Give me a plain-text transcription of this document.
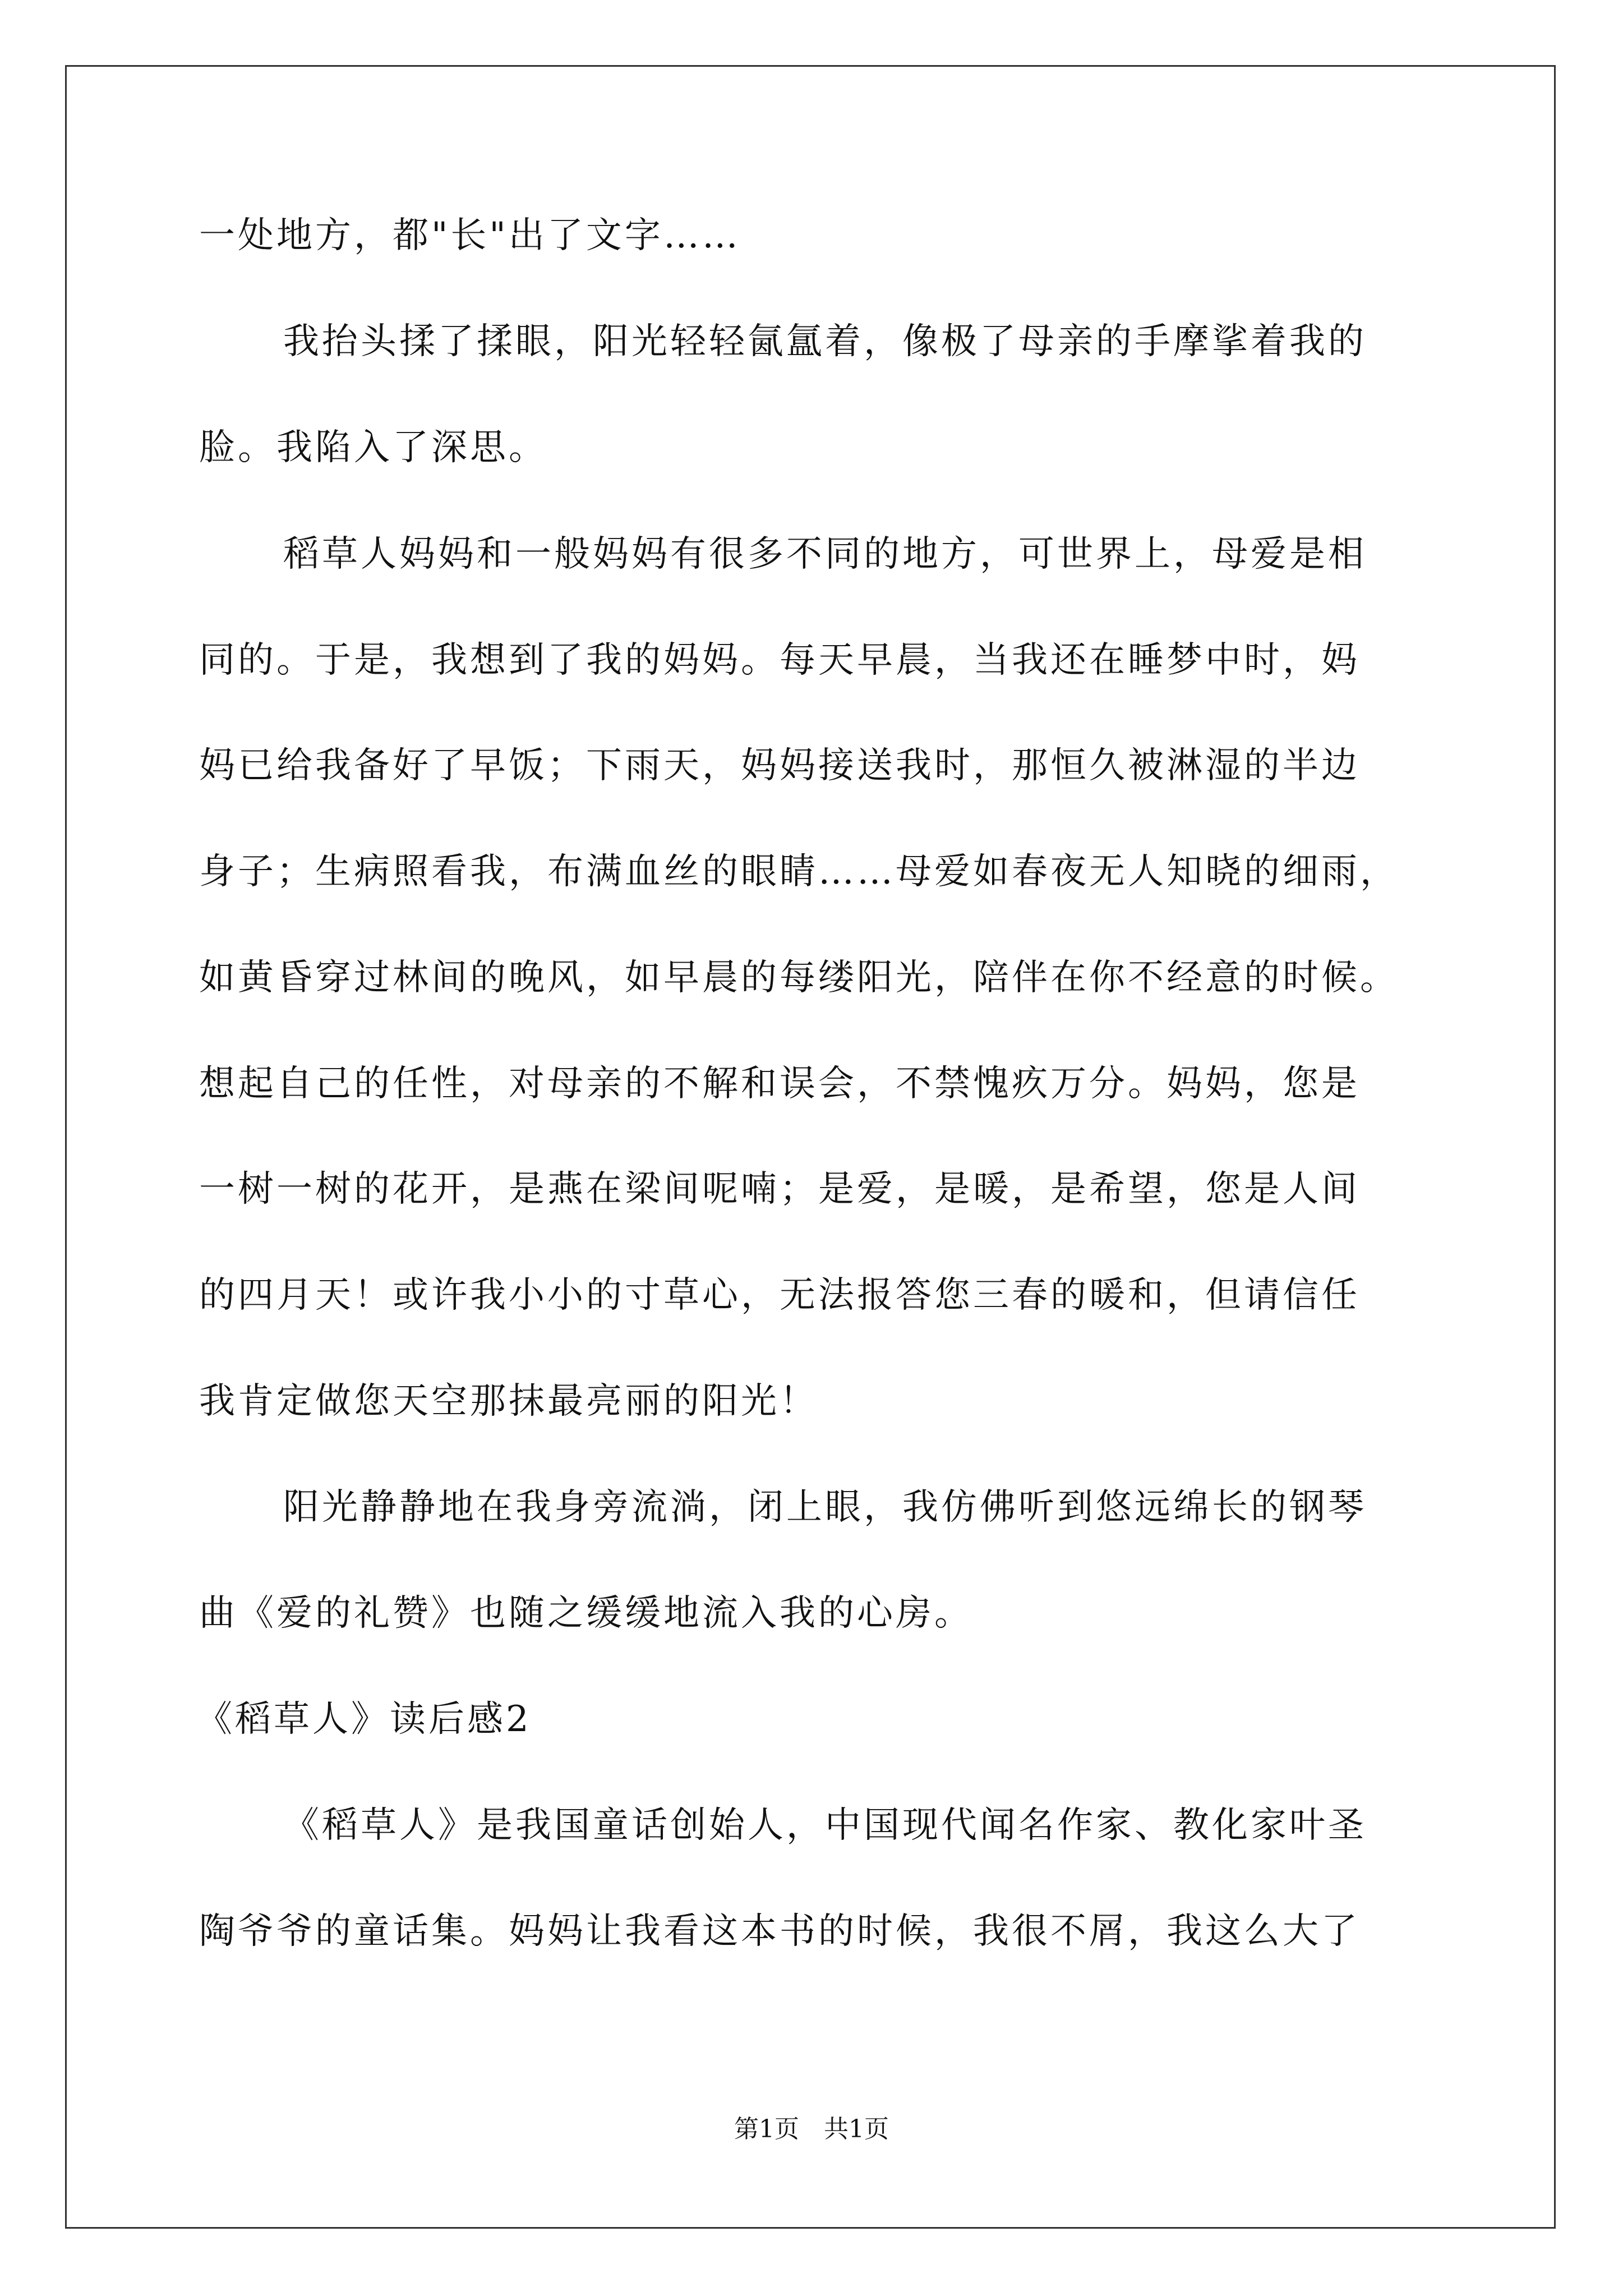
一处地方，都"长"出了文字……
我抬头揉了揉眼，阳光轻轻氤氲着，像极了母亲的手摩挲着我的
脸。我陷入了深思。
稻草人妈妈和一般妈妈有很多不同的地方，可世界上，母爱是相
同的。于是，我想到了我的妈妈。每天早晨，当我还在睡梦中时，妈
妈已给我备好了早饭；下雨天，妈妈接送我时，那恒久被淋湿的半边
身子；生病照看我，布满血丝的眼睛……母爱如春夜无人知晓的细雨，
如黄昏穿过林间的晚风，如早晨的每缕阳光，陪伴在你不经意的时候。
想起自己的任性，对母亲的不解和误会，不禁愧疚万分。妈妈，您是
一树一树的花开，是燕在梁间呢喃；是爱，是暖，是希望，您是人间
的四月天！或许我小小的寸草心，无法报答您三春的暖和，但请信任
我肯定做您天空那抹最亮丽的阳光！
阳光静静地在我身旁流淌，闭上眼，我仿佛听到悠远绵长的钢琴
曲《爱的礼赞》也随之缓缓地流入我的心房。
《稻草人》读后感2
《稻草人》是我国童话创始人，中国现代闻名作家、教化家叶圣
陶爷爷的童话集。妈妈让我看这本书的时候，我很不屑，我这么大了
第1页　共1页
